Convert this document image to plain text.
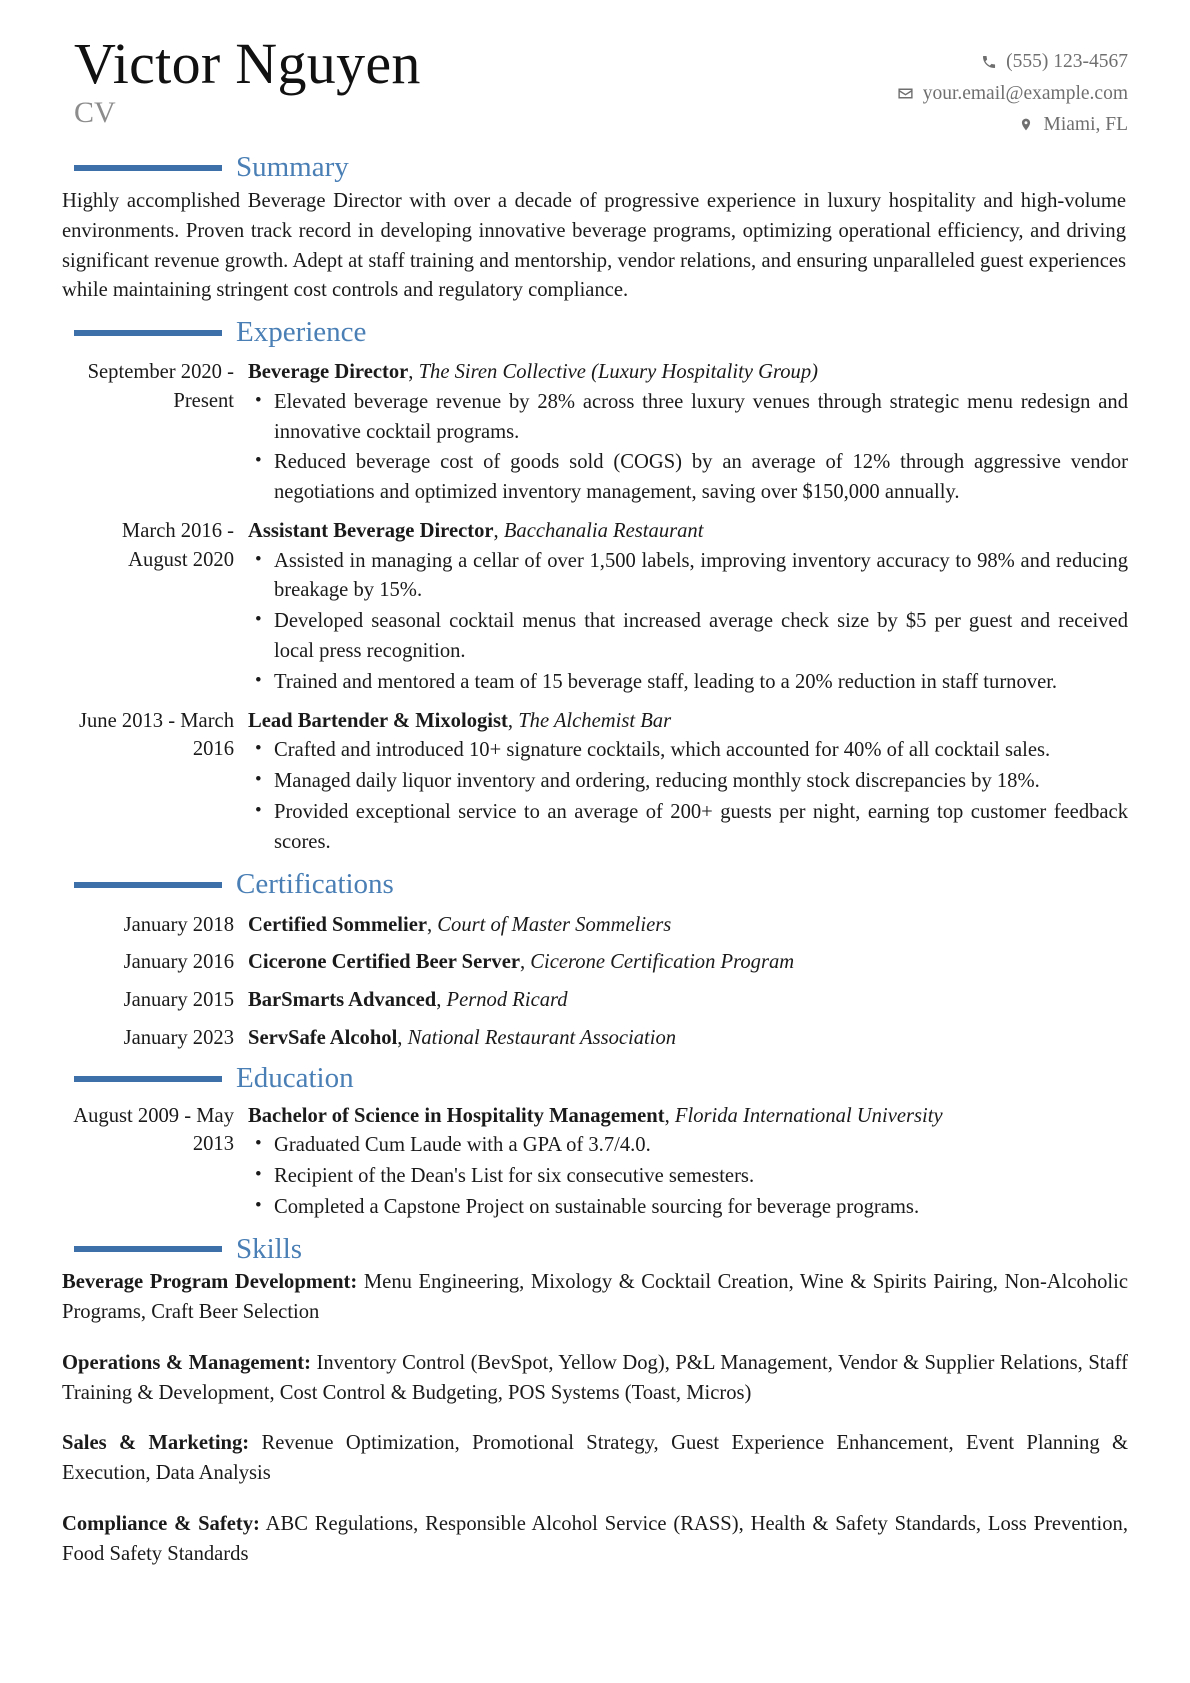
Victor Nguyen
CV
(555) 123-4567
your.email@example.com
Miami, FL
Summary

Highly accomplished Beverage Director with over a decade of progressive experience in luxury hospitality and high-volume environments. Proven track record in developing innovative beverage programs, optimizing operational efficiency, and driving significant revenue growth. Adept at staff training and mentorship, vendor relations, and ensuring unparalleled guest experiences while maintaining stringent cost controls and regulatory compliance.

Experience
September 2020 - Present
Beverage Director, The Siren Collective (Luxury Hospitality Group)
• Elevated beverage revenue by 28% across three luxury venues through strategic menu redesign and innovative cocktail programs.
• Reduced beverage cost of goods sold (COGS) by an average of 12% through aggressive vendor negotiations and optimized inventory management, saving over $150,000 annually.
March 2016 - August 2020
Assistant Beverage Director, Bacchanalia Restaurant
• Assisted in managing a cellar of over 1,500 labels, improving inventory accuracy to 98% and reducing breakage by 15%.
• Developed seasonal cocktail menus that increased average check size by $5 per guest and received local press recognition.
• Trained and mentored a team of 15 beverage staff, leading to a 20% reduction in staff turnover.
June 2013 - March 2016
Lead Bartender & Mixologist, The Alchemist Bar
• Crafted and introduced 10+ signature cocktails, which accounted for 40% of all cocktail sales.
• Managed daily liquor inventory and ordering, reducing monthly stock discrepancies by 18%.
• Provided exceptional service to an average of 200+ guests per night, earning top customer feedback scores.
Certifications
January 2018 Certified Sommelier, Court of Master Sommeliers
January 2016 Cicerone Certified Beer Server, Cicerone Certification Program
January 2015 BarSmarts Advanced, Pernod Ricard
January 2023 ServSafe Alcohol, National Restaurant Association
Education
August 2009 - May 2013
Bachelor of Science in Hospitality Management, Florida International University
• Graduated Cum Laude with a GPA of 3.7/4.0.
• Recipient of the Dean's List for six consecutive semesters.
• Completed a Capstone Project on sustainable sourcing for beverage programs.
Skills

Beverage Program Development: Menu Engineering, Mixology & Cocktail Creation, Wine & Spirits Pairing, Non-Alcoholic Programs, Craft Beer Selection

Operations & Management: Inventory Control (BevSpot, Yellow Dog), P&L Management, Vendor & Supplier Relations, Staff Training & Development, Cost Control & Budgeting, POS Systems (Toast, Micros)

Sales & Marketing: Revenue Optimization, Promotional Strategy, Guest Experience Enhancement, Event Planning & Execution, Data Analysis

Compliance & Safety: ABC Regulations, Responsible Alcohol Service (RASS), Health & Safety Standards, Loss Prevention, Food Safety Standards
